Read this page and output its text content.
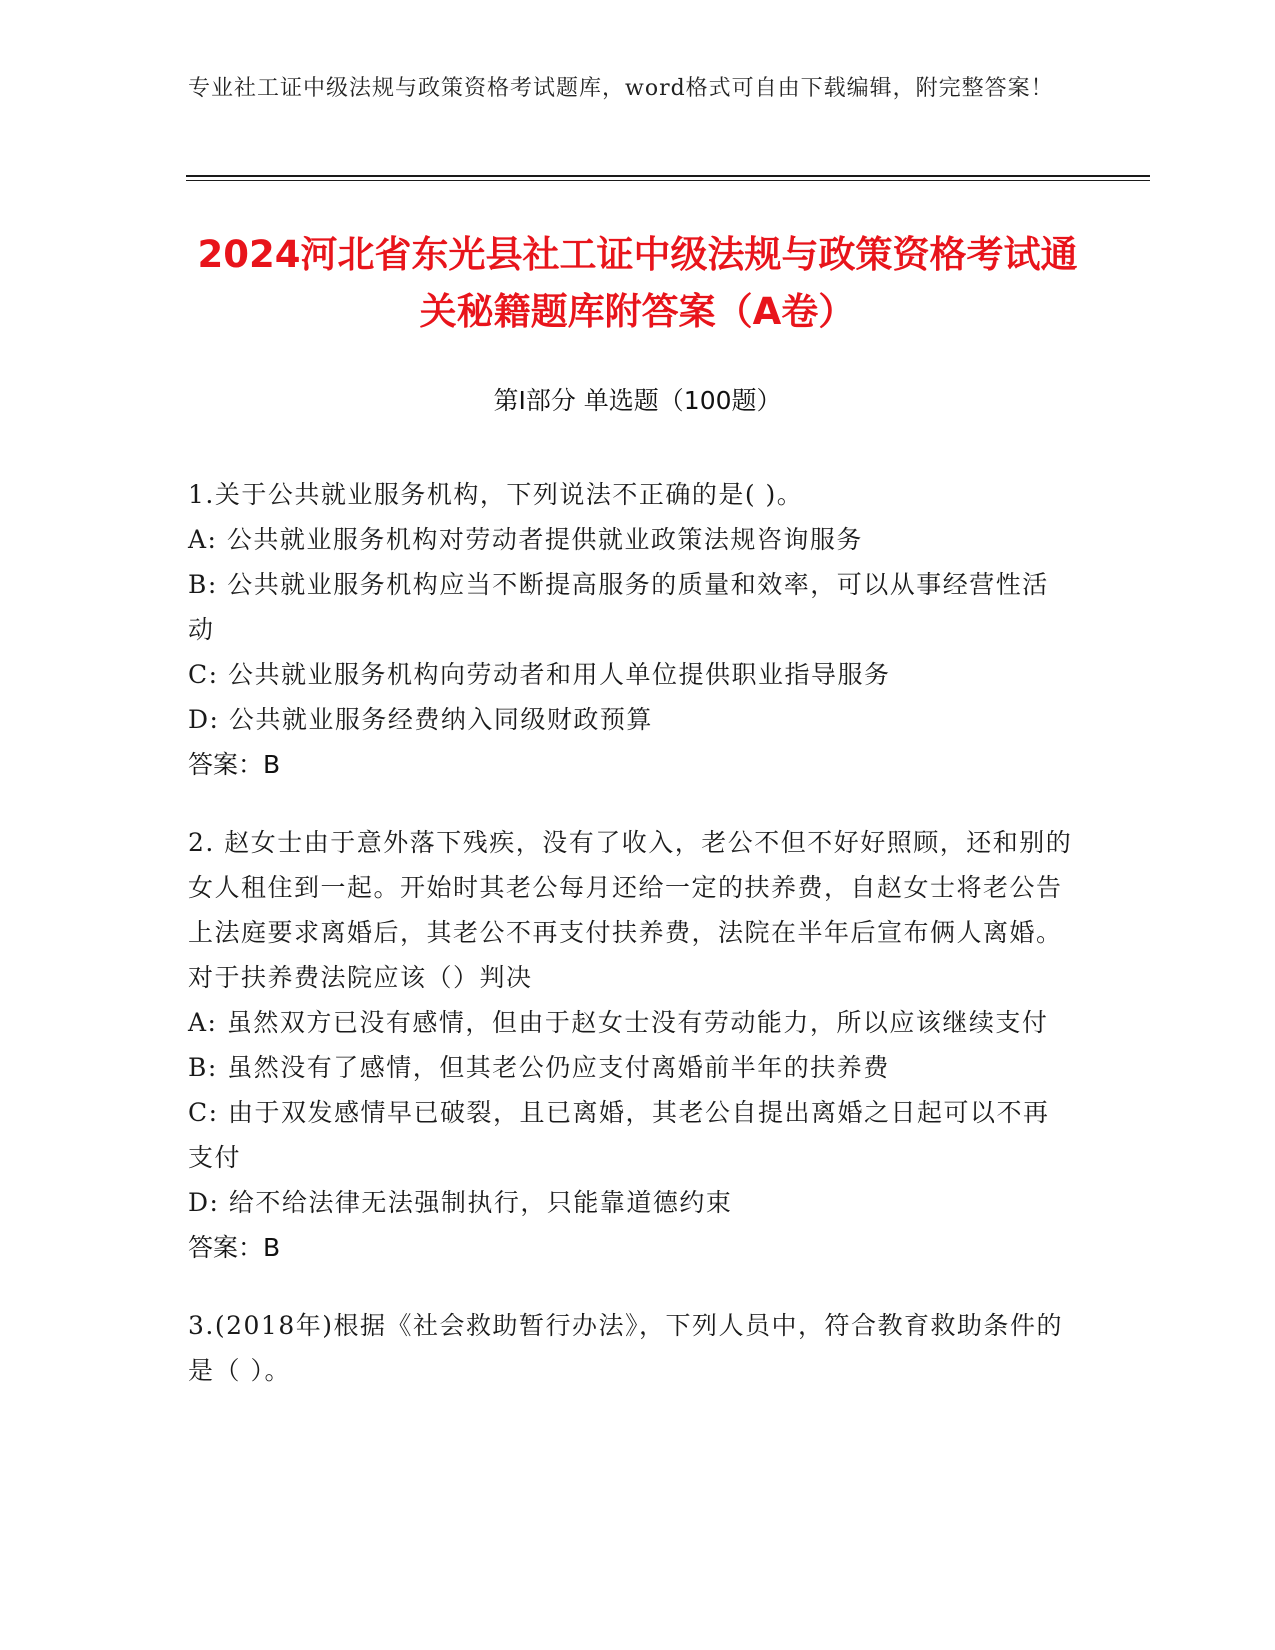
专业社工证中级法规与政策资格考试题库，word格式可自由下载编辑，附完整答案！
2024河北省东光县社工证中级法规与政策资格考试通关秘籍题库附答案（A卷）
第I部分 单选题（100题）

1.关于公共就业服务机构，下列说法不正确的是( )。

A: 公共就业服务机构对劳动者提供就业政策法规咨询服务

B: 公共就业服务机构应当不断提高服务的质量和效率，可以从事经营性活动

C: 公共就业服务机构向劳动者和用人单位提供职业指导服务

D: 公共就业服务经费纳入同级财政预算

答案：B

2. 赵女士由于意外落下残疾，没有了收入，老公不但不好好照顾，还和别的女人租住到一起。开始时其老公每月还给一定的扶养费，自赵女士将老公告上法庭要求离婚后，其老公不再支付扶养费，法院在半年后宣布俩人离婚。对于扶养费法院应该（）判决

A: 虽然双方已没有感情，但由于赵女士没有劳动能力，所以应该继续支付

B: 虽然没有了感情，但其老公仍应支付离婚前半年的扶养费

C: 由于双发感情早已破裂，且已离婚，其老公自提出离婚之日起可以不再支付

D: 给不给法律无法强制执行，只能靠道德约束

答案：B

3.(2018年)根据《社会救助暂行办法》，下列人员中，符合教育救助条件的是（ ）。
